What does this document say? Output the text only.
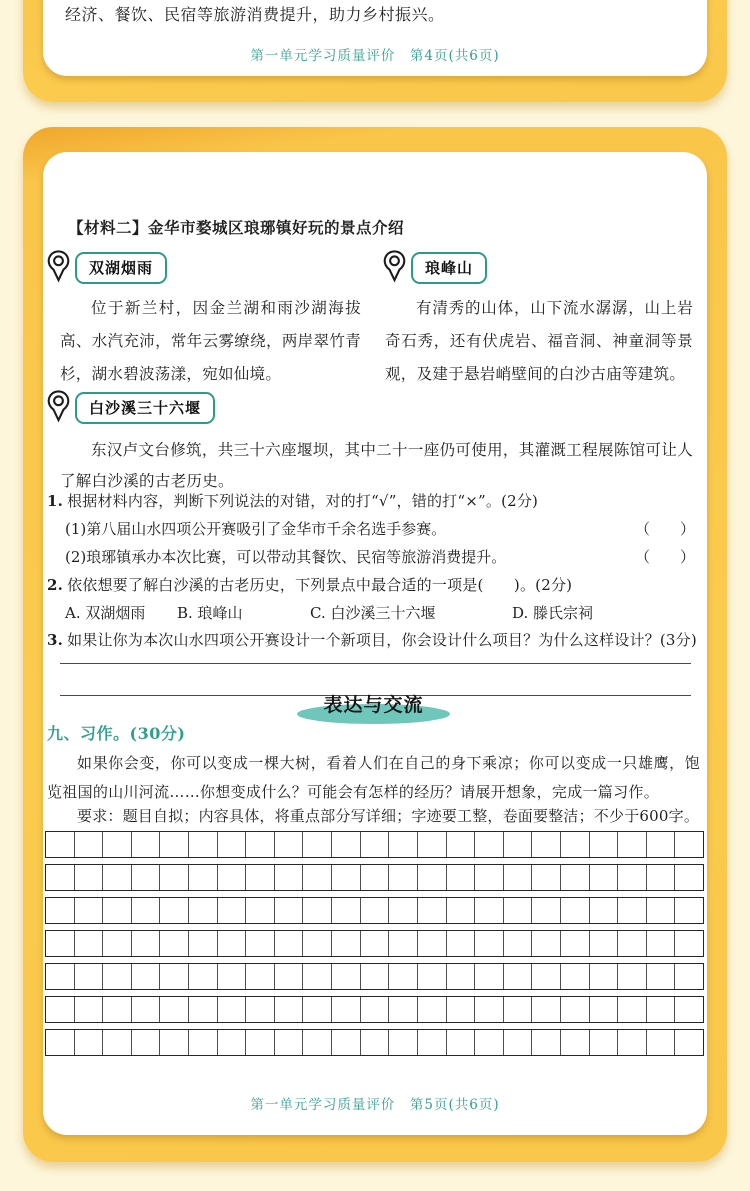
经济、餐饮、民宿等旅游消费提升，助力乡村振兴。

第一单元学习质量评价　第4页(共6页)
【材料二】金华市婺城区琅琊镇好玩的景点介绍
双湖烟雨	琅峰山

位于新兰村，因金兰湖和雨沙湖海拔高、水汽充沛，常年云雾缭绕，两岸翠竹青杉，湖水碧波荡漾，宛如仙境。

有清秀的山体，山下流水潺潺，山上岩奇石秀，还有伏虎岩、福音洞、神童洞等景观，及建于悬岩峭壁间的白沙古庙等建筑。

白沙溪三十六堰

东汉卢文台修筑，共三十六座堰坝，其中二十一座仍可使用，其灌溉工程展陈馆可让人了解白沙溪的古老历史。

1. 根据材料内容，判断下列说法的对错，对的打“√”，错的打“×”。(2分)
(1)第八届山水四项公开赛吸引了金华市千余名选手参赛。	（　　）
(2)琅琊镇承办本次比赛，可以带动其餐饮、民宿等旅游消费提升。	（　　）
2. 依依想要了解白沙溪的古老历史，下列景点中最合适的一项是(　　)。(2分)
A. 双湖烟雨 B. 琅峰山	C. 白沙溪三十六堰	D. 滕氏宗祠
3. 如果让你为本次山水四项公开赛设计一个新项目，你会设计什么项目？为什么这样设计？(3分)
表达与交流
九、习作。(30分)

如果你会变，你可以变成一棵大树，看着人们在自己的身下乘凉；你可以变成一只雄鹰，饱览祖国的山川河流……你想变成什么？可能会有怎样的经历？请展开想象，完成一篇习作。

要求：题目自拟；内容具体，将重点部分写详细；字迹要工整，卷面要整洁；不少于600字。

第一单元学习质量评价　第5页(共6页)
